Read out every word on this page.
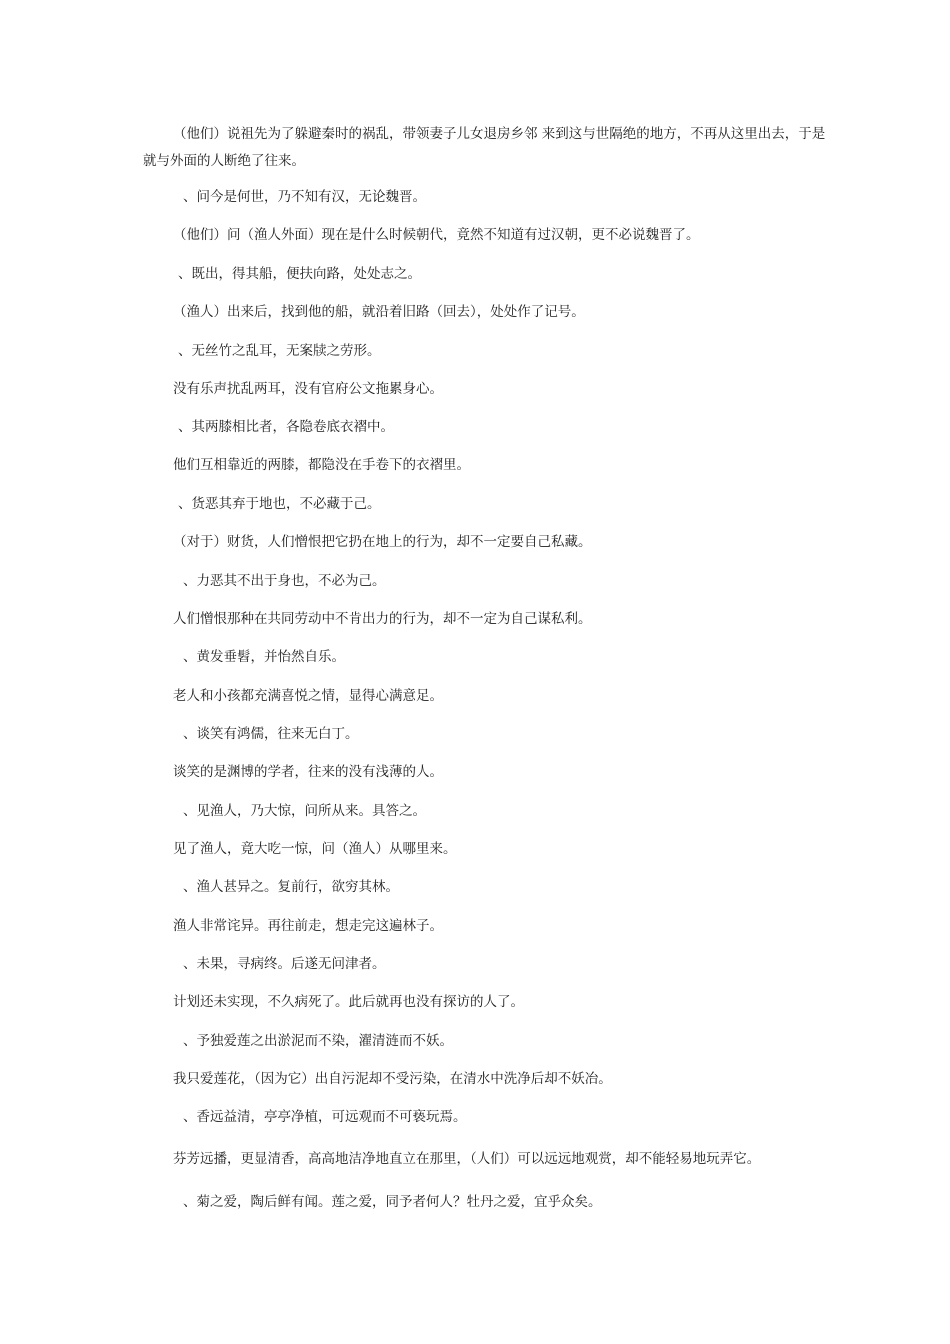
（他们）说祖先为了躲避秦时的祸乱，带领妻子儿女退房乡邻 来到这与世隔绝的地方，不再从这里出去，于是就与外面的人断绝了往来。
、问今是何世，乃不知有汉，无论魏晋。
（他们）问（渔人外面）现在是什么时候朝代，竟然不知道有过汉朝，更不必说魏晋了。
、既出，得其船，便扶向路，处处志之。
（渔人）出来后，找到他的船，就沿着旧路（回去），处处作了记号。
、无丝竹之乱耳，无案牍之劳形。
没有乐声扰乱两耳，没有官府公文拖累身心。
、其两膝相比者，各隐卷底衣褶中。
他们互相靠近的两膝，都隐没在手卷下的衣褶里。
、货恶其弃于地也，不必藏于己。
（对于）财货，人们憎恨把它扔在地上的行为，却不一定要自己私藏。
、力恶其不出于身也，不必为己。
人们憎恨那种在共同劳动中不肯出力的行为，却不一定为自己谋私利。
、黄发垂髫，并怡然自乐。
老人和小孩都充满喜悦之情，显得心满意足。
、谈笑有鸿儒，往来无白丁。
谈笑的是渊博的学者，往来的没有浅薄的人。
、见渔人，乃大惊，问所从来。具答之。
见了渔人，竟大吃一惊，问（渔人）从哪里来。
、渔人甚异之。复前行，欲穷其林。
渔人非常诧异。再往前走，想走完这遍林子。
、未果，寻病终。后遂无问津者。
计划还未实现，不久病死了。此后就再也没有探访的人了。
、予独爱莲之出淤泥而不染，濯清涟而不妖。
我只爱莲花，（因为它）出自污泥却不受污染，在清水中洗净后却不妖冶。
、香远益清，亭亭净植，可远观而不可亵玩焉。
芬芳远播，更显清香，高高地洁净地直立在那里，（人们）可以远远地观赏，却不能轻易地玩弄它。
、菊之爱，陶后鲜有闻。莲之爱，同予者何人？牡丹之爱，宜乎众矣。
